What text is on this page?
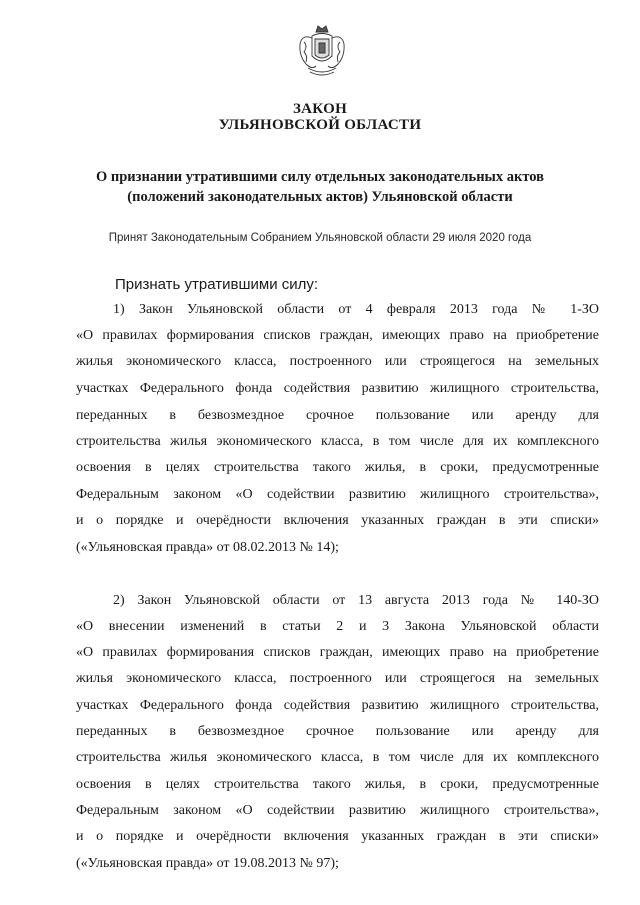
ЗАКОН
УЛЬЯНОВСКОЙ ОБЛАСТИ
О признании утратившими силу отдельных законодательных актов
(положений законодательных актов) Ульяновской области
Принят Законодательным Собранием Ульяновской области 29 июля 2020 года
Признать утратившими силу:
1) Закон Ульяновской области от 4 февраля 2013 года № 1-ЗО
«О правилах формирования списков граждан, имеющих право на приобретение
жилья экономического класса, построенного или строящегося на земельных
участках Федерального фонда содействия развитию жилищного строительства,
переданных в безвозмездное срочное пользование или аренду для
строительства жилья экономического класса, в том числе для их комплексного
освоения в целях строительства такого жилья, в сроки, предусмотренные
Федеральным законом «О содействии развитию жилищного строительства»,
и о порядке и очерёдности включения указанных граждан в эти списки»
(«Ульяновская правда» от 08.02.2013 № 14);
2) Закон Ульяновской области от 13 августа 2013 года № 140-ЗО
«О внесении изменений в статьи 2 и 3 Закона Ульяновской области
«О правилах формирования списков граждан, имеющих право на приобретение
жилья экономического класса, построенного или строящегося на земельных
участках Федерального фонда содействия развитию жилищного строительства,
переданных в безвозмездное срочное пользование или аренду для
строительства жилья экономического класса, в том числе для их комплексного
освоения в целях строительства такого жилья, в сроки, предусмотренные
Федеральным законом «О содействии развитию жилищного строительства»,
и о порядке и очерёдности включения указанных граждан в эти списки»
(«Ульяновская правда» от 19.08.2013 № 97);
